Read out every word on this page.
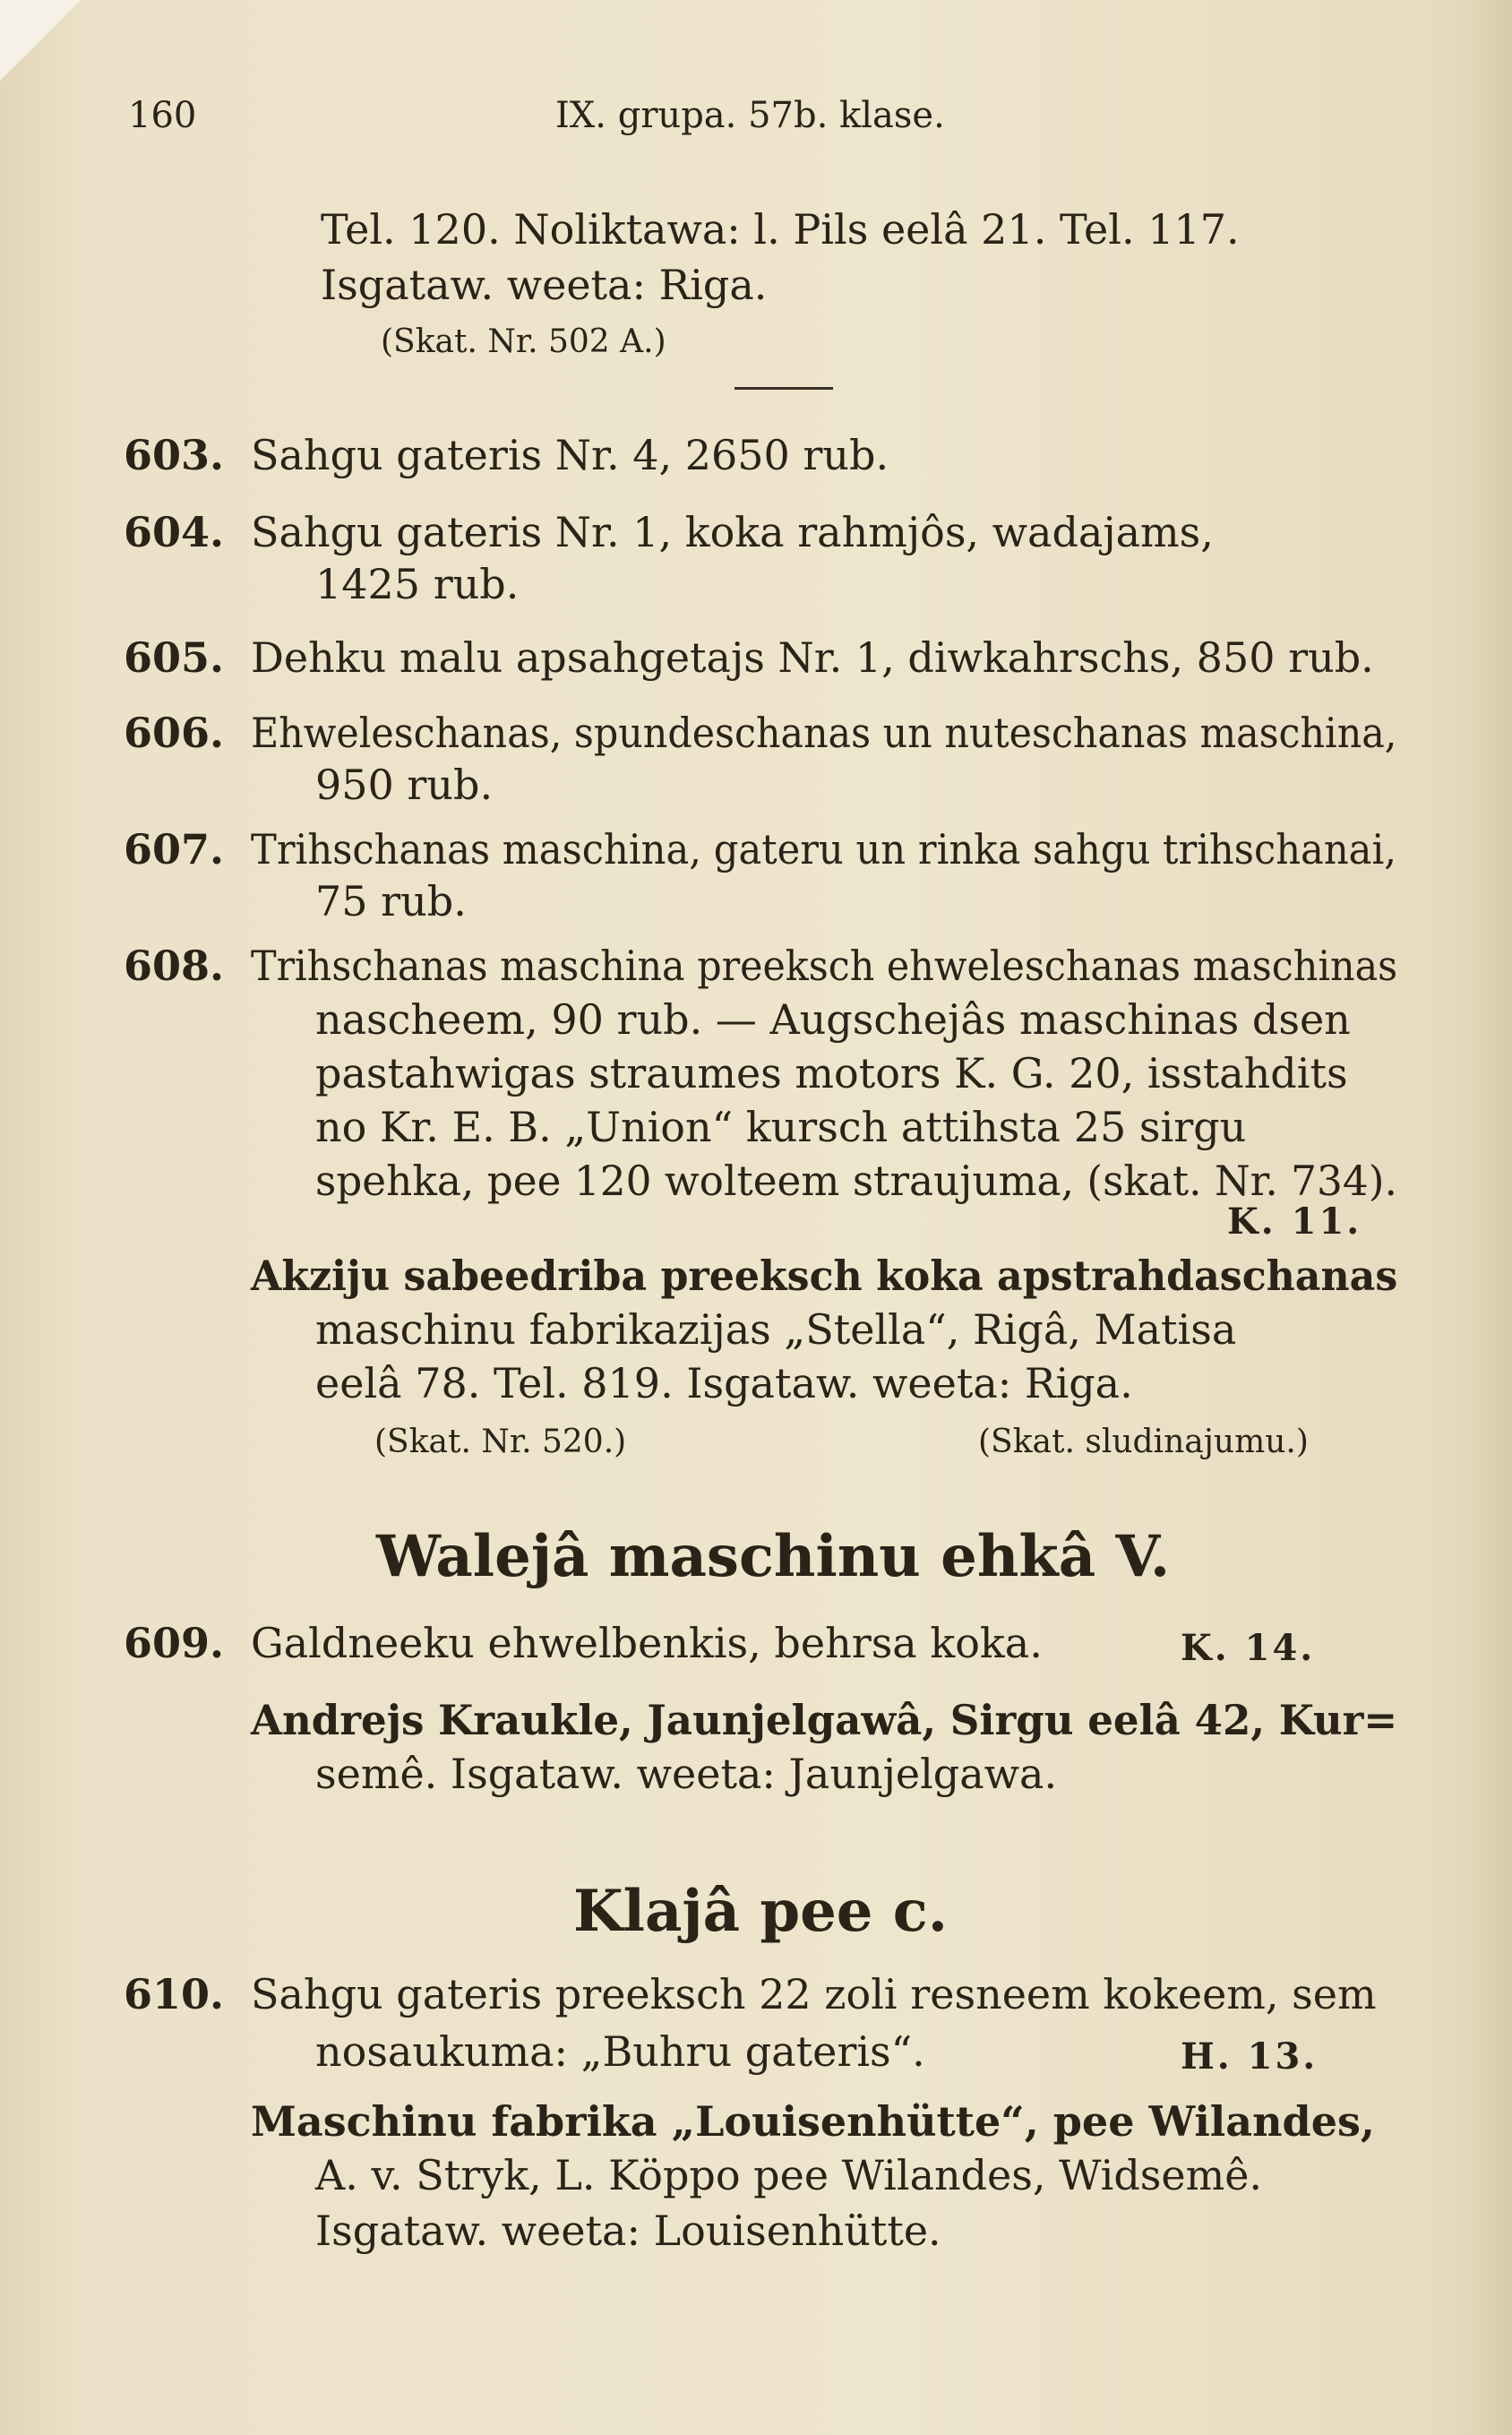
160	IX. grupa. 57b. klase.
Tel. 120. Noliktawa: l. Pils eelâ 21. Tel. 117.
Isgataw. weeta: Riga.
(Skat. Nr. 502 A.)
603. Sahgu gateris Nr. 4, 2650 rub.
604. Sahgu gateris Nr. 1, koka rahmjôs, wadajams,
1425 rub.
605. Dehku malu apsahgetajs Nr. 1, diwkahrschs, 850 rub.
606. Ehweleschanas, spundeschanas un nuteschanas maschina,
950 rub.
607. Trihschanas maschina, gateru un rinka sahgu trihschanai,
75 rub.
608. Trihschanas maschina preeksch ehweleschanas maschinas
nascheem, 90 rub. — Augschejâs maschinas dsen
pastahwigas straumes motors K. G. 20, isstahdits
no Kr. E. B. „Union“ kursch attihsta 25 sirgu
spehka, pee 120 wolteem straujuma, (skat. Nr. 734).
K. 11.
Akziju sabeedriba preeksch koka apstrahdaschanas
maschinu fabrikazijas „Stella“, Rigâ, Matisa
eelâ 78. Tel. 819. Isgataw. weeta: Riga.
(Skat. Nr. 520.)	(Skat. sludinajumu.)
Walejâ maschinu ehkâ V.
609. Galdneeku ehwelbenkis, behrsa koka.	K. 14.
Andrejs Kraukle, Jaunjelgawâ, Sirgu eelâ 42, Kur=
semê. Isgataw. weeta: Jaunjelgawa.
Klajâ pee c.
610. Sahgu gateris preeksch 22 zoli resneem kokeem, sem
nosaukuma: „Buhru gateris“.	H. 13.
Maschinu fabrika „Louisenhütte“, pee Wilandes,
A. v. Stryk, L. Köppo pee Wilandes, Widsemê.
Isgataw. weeta: Louisenhütte.
